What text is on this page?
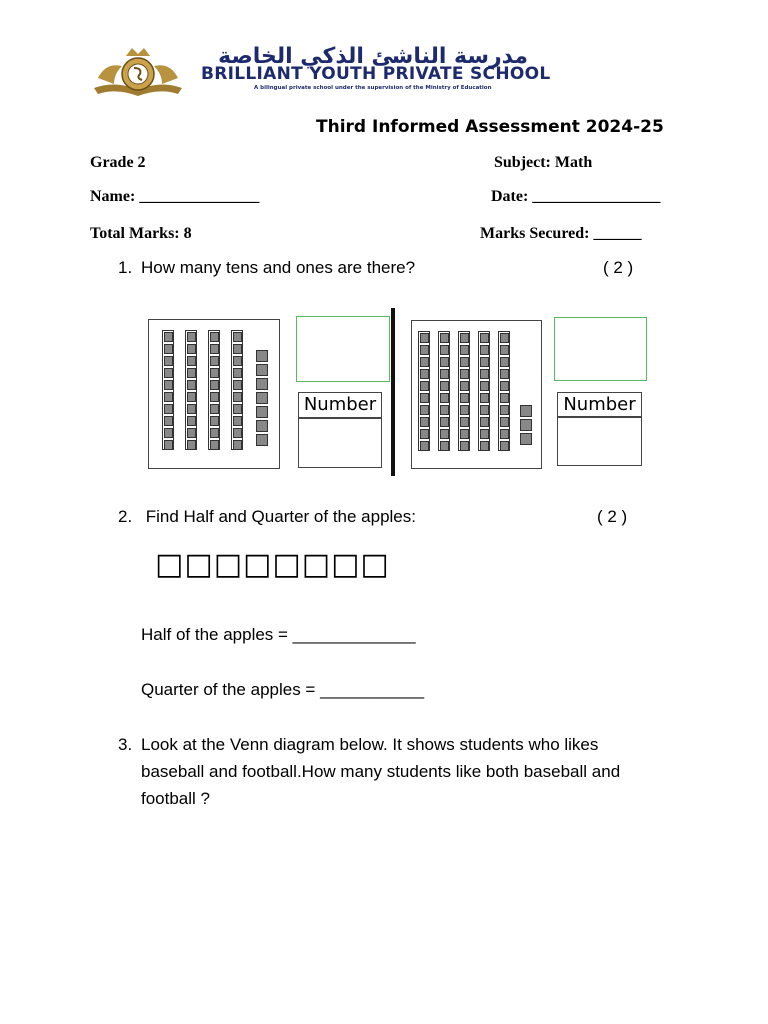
مدرسة الناشئ الذكي الخاصة
BRILLIANT YOUTH PRIVATE SCHOOL
A bilingual private school under the supervision of the Ministry of Education
Third Informed Assessment 2024-25
Grade 2	Subject: Math
Name: _______________	Date: ________________
Total Marks: 8	Marks Secured: ______
1. How many tens and ones are there?	( 2 )
Number	Number
2. Find Half and Quarter of the apples:	( 2 )
□□□□□□□□
Half of the apples = _____________
Quarter of the apples = ___________
3. Look at the Venn diagram below. It shows students who likes
baseball and football.How many students like both baseball and
football ?
